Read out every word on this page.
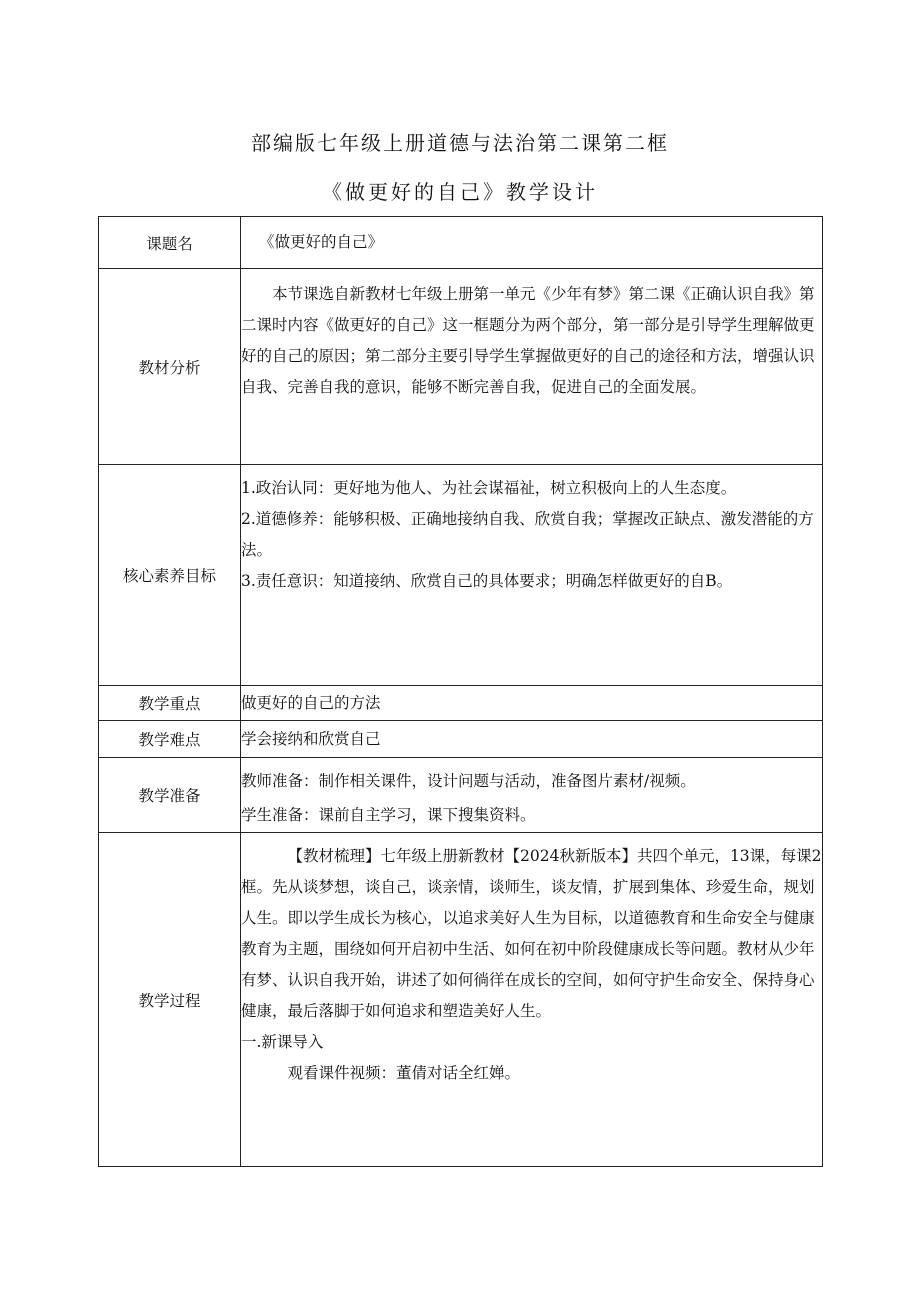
部编版七年级上册道德与法治第二课第二框
《做更好的自己》教学设计
课题名	《做更好的自己》
教材分析	本节课选自新教材七年级上册第一单元《少年有梦》第二课《正确认识自我》第二课时内容《做更好的自己》这一框题分为两个部分，第一部分是引导学生理解做更好的自己的原因；第二部分主要引导学生掌握做更好的自己的途径和方法，增强认识自我、完善自我的意识，能够不断完善自我，促进自己的全面发展。

核心素养目标	1.政治认同：更好地为他人、为社会谋福祉，树立积极向上的人生态度。

2.道德修养：能够积极、正确地接纳自我、欣赏自我；掌握改正缺点、激发潜能的方法。

3.责任意识：知道接纳、欣赏自己的具体要求；明确怎样做更好的自B。

教学重点	做更好的自己的方法
教学难点	学会接纳和欣赏自己
教学准备	教师准备：制作相关课件，设计问题与活动，准备图片素材/视频。

学生准备：课前自主学习，课下搜集资料。

教学过程	【教材梳理】七年级上册新教材【2024秋新版本】共四个单元，13课，每课2框。先从谈梦想，谈自己，谈亲情，谈师生，谈友情，扩展到集体、珍爱生命，规划人生。即以学生成长为核心，以追求美好人生为目标，以道德教育和生命安全与健康教育为主题，围绕如何开启初中生活、如何在初中阶段健康成长等问题。教材从少年有梦、认识自我开始，讲述了如何徜徉在成长的空间，如何守护生命安全、保持身心健康，最后落脚于如何追求和塑造美好人生。

一.新课导入

观看课件视频：董倩对话全红婵。
